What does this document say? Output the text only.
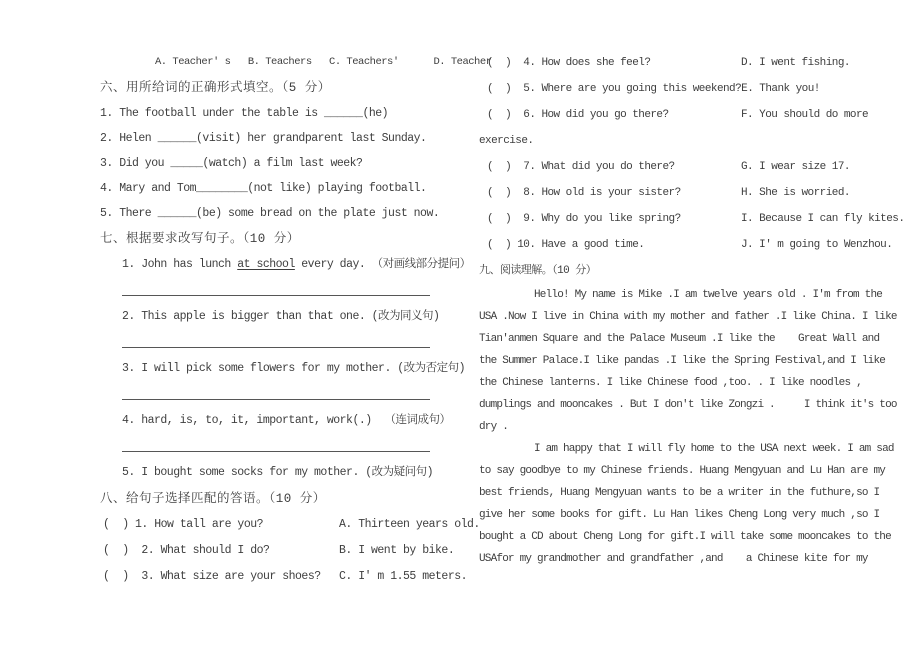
A. Teacher' s   B. Teachers   C. Teachers'      D. Teacher
六、用所给词的正确形式填空。（5 分）
1. The football under the table is ______(he)
2. Helen ______(visit) her grandparent last Sunday.
3. Did you _____(watch) a film last week?
4. Mary and Tom________(not like) playing football.
5. There ______(be) some bread on the plate just now.
七、根据要求改写句子。（10 分）
1. John has lunch at school every day. （对画线部分提问）
2. This apple is bigger than that one. (改为同义句)
3. I will pick some flowers for my mother. (改为否定句)
4. hard, is, to, it, important, work(.)  （连词成句）
5. I bought some socks for my mother. (改为疑问句)
八、给句子选择匹配的答语。（10 分）
(  ) 1. How tall are you?	A. Thirteen years old.
(  )  2. What should I do?	B. I went by bike.
(  )  3. What size are your shoes?	C. I' m 1.55 meters.
(  )  4. How does she feel?	D. I went fishing.
(  )  5. Where are you going this weekend? E. Thank you!
(  )  6. How did you go there?	F. You should do more
exercise.
(  )  7. What did you do there?	G. I wear size 17.
(  )  8. How old is your sister?	H. She is worried.
(  )  9. Why do you like spring?	I. Because I can fly kites.
(  ) 10. Have a good time.	J. I' m going to Wenzhou.
九、阅读理解。（10 分）
Hello! My name is Mike .I am twelve years old . I'm from the
USA .Now I live in China with my mother and father .I like China. I like
Tian'anmen Square and the Palace Museum .I like the    Great Wall and
the Summer Palace.I like pandas .I like the Spring Festival,and I like
the Chinese lanterns. I like Chinese food ,too. . I like noodles ,
dumplings and mooncakes . But I don't like Zongzi .     I think it's too
dry .
I am happy that I will fly home to the USA next week. I am sad
to say goodbye to my Chinese friends. Huang Mengyuan and Lu Han are my
best friends, Huang Mengyuan wants to be a writer in the futhure,so I
give her some books for gift. Lu Han likes Cheng Long very much ,so I
bought a CD about Cheng Long for gift.I will take some mooncakes to the
USAfor my grandmother and grandfather ,and    a Chinese kite for my
